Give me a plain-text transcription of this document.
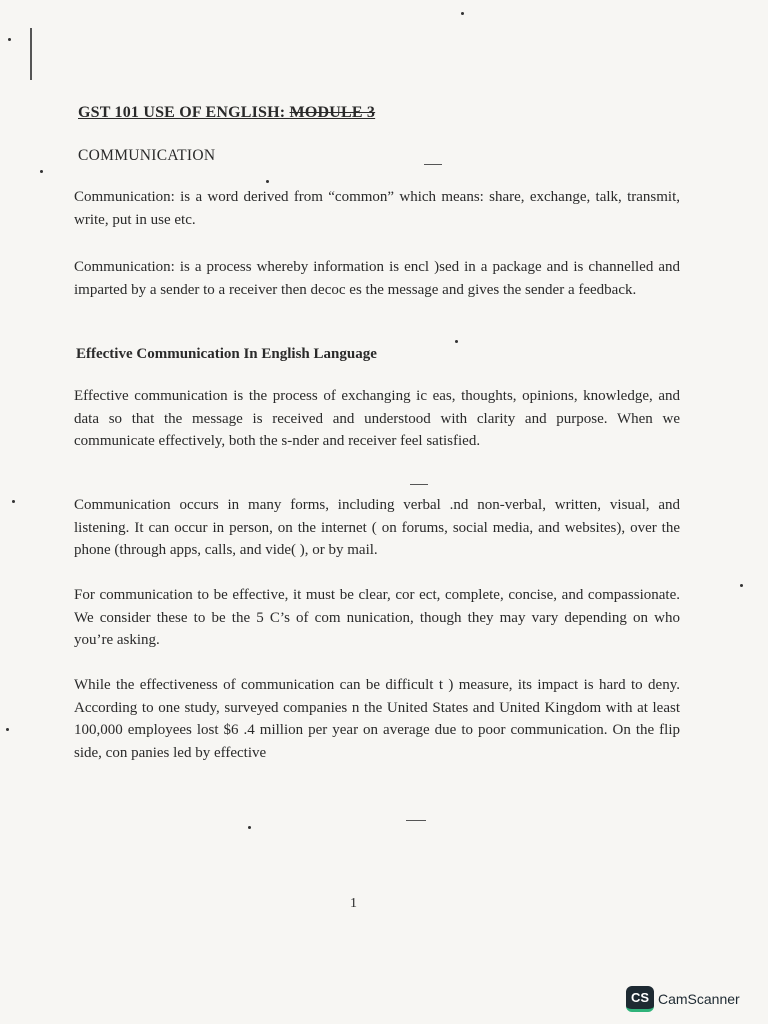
GST 101 USE OF ENGLISH: MODULE 3
COMMUNICATION
Communication: is a word derived from “common” which means: share, exchange, talk, transmit, write, put in use etc.
Communication: is a process whereby information is encl )sed in a package and is channelled and imparted by a sender to a receiver then decoc es the message and gives the sender a feedback.
Effective Communication In English Language
Effective communication is the process of exchanging ic eas, thoughts, opinions, knowledge, and data so that the message is received and understood with clarity and purpose. When we communicate effectively, both the s-nder and receiver feel satisfied.
Communication occurs in many forms, including verbal .nd non-verbal, written, visual, and listening. It can occur in person, on the internet ( on forums, social media, and websites), over the phone (through apps, calls, and vide( ), or by mail.
For communication to be effective, it must be clear, cor ect, complete, concise, and compassionate. We consider these to be the 5 C’s of com nunication, though they may vary depending on who you’re asking.
While the effectiveness of communication can be difficult t ) measure, its impact is hard to deny. According to one study, surveyed companies n the United States and United Kingdom with at least 100,000 employees lost $6 .4 million per year on average due to poor communication. On the flip side, con panies led by effective
1
CS CamScanner
